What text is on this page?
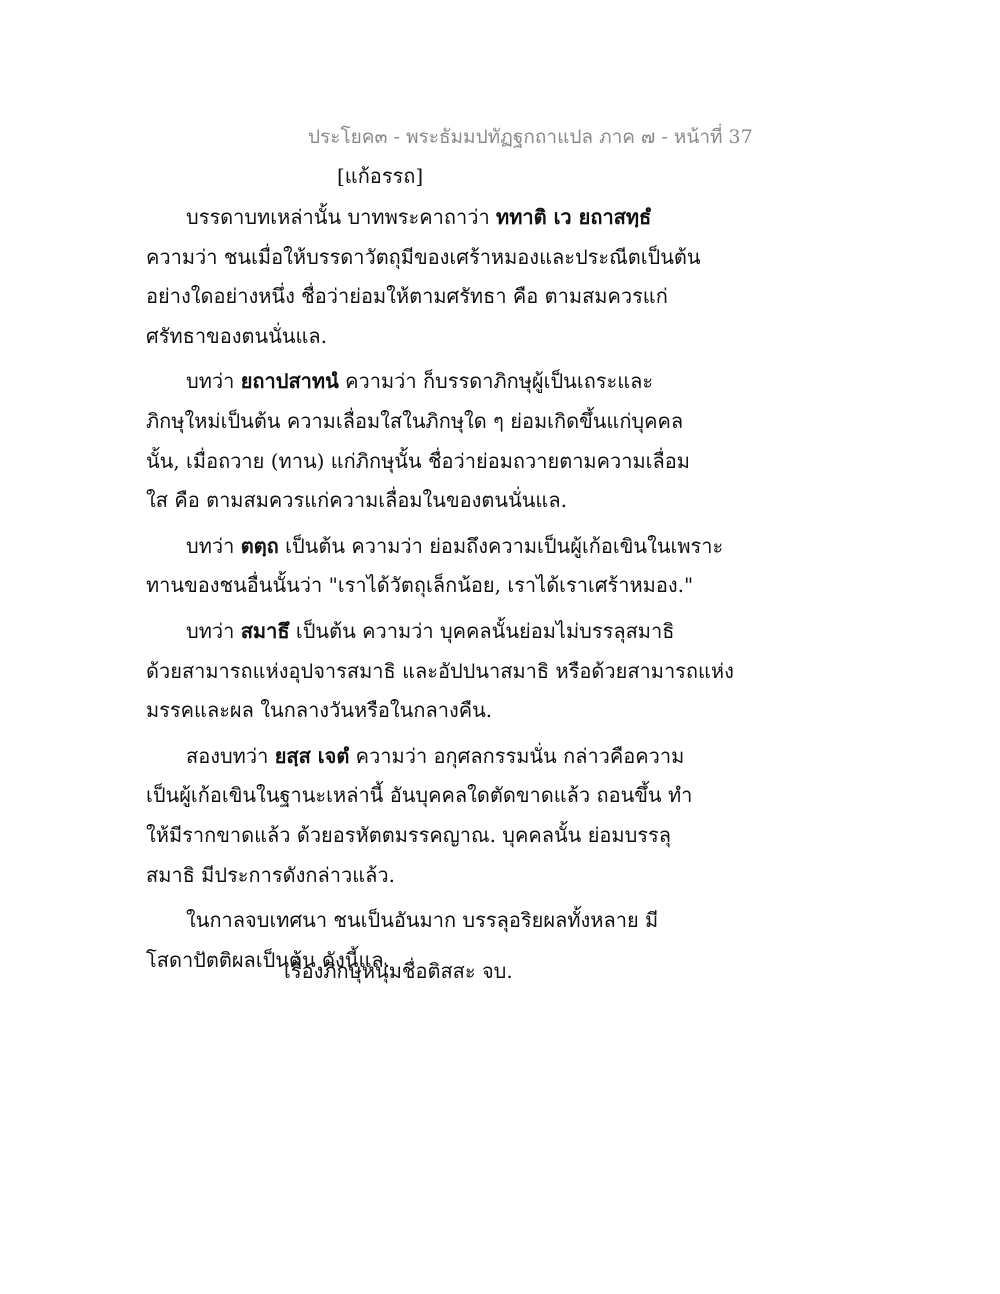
ประโยค๓ - พระธัมมปทัฏฐกถาแปล ภาค ๗ - หน้าที่ 37
[แก้อรรถ]
บรรดาบทเหล่านั้น บาทพระคาถาว่า ททาติ เว ยถาสทฺธํ
ความว่า ชนเมื่อให้บรรดาวัตถุมีของเศร้าหมองและประณีตเป็นต้น
อย่างใดอย่างหนึ่ง ชื่อว่าย่อมให้ตามศรัทธา คือ ตามสมควรแก่
ศรัทธาของตนนั่นแล.
บทว่า ยถาปสาทนํ ความว่า ก็บรรดาภิกษุผู้เป็นเถระและ
ภิกษุใหม่เป็นต้น ความเลื่อมใสในภิกษุใด ๆ ย่อมเกิดขึ้นแก่บุคคล
นั้น, เมื่อถวาย (ทาน) แก่ภิกษุนั้น ชื่อว่าย่อมถวายตามความเลื่อม
ใส คือ ตามสมควรแก่ความเลื่อมในของตนนั่นแล.
บทว่า ตตฺถ เป็นต้น ความว่า ย่อมถึงความเป็นผู้เก้อเขินในเพราะ
ทานของชนอื่นนั้นว่า "เราได้วัตถุเล็กน้อย, เราได้เราเศร้าหมอง."
บทว่า สมาธึ เป็นต้น ความว่า บุคคลนั้นย่อมไม่บรรลุสมาธิ
ด้วยสามารถแห่งอุปจารสมาธิ และอัปปนาสมาธิ หรือด้วยสามารถแห่ง
มรรคและผล ในกลางวันหรือในกลางคืน.
สองบทว่า ยสฺส เจตํ ความว่า อกุศลกรรมนั่น กล่าวคือความ
เป็นผู้เก้อเขินในฐานะเหล่านี้ อันบุคคลใดตัดขาดแล้ว ถอนขึ้น ทำ
ให้มีรากขาดแล้ว ด้วยอรหัตตมรรคญาณ. บุคคลนั้น ย่อมบรรลุ
สมาธิ มีประการดังกล่าวแล้ว.
ในกาลจบเทศนา ชนเป็นอันมาก บรรลุอริยผลทั้งหลาย มี
โสดาปัตติผลเป็นต้น ดังนี้แล.
เรื่องภิกษุหนุ่มชื่อติสสะ จบ.
